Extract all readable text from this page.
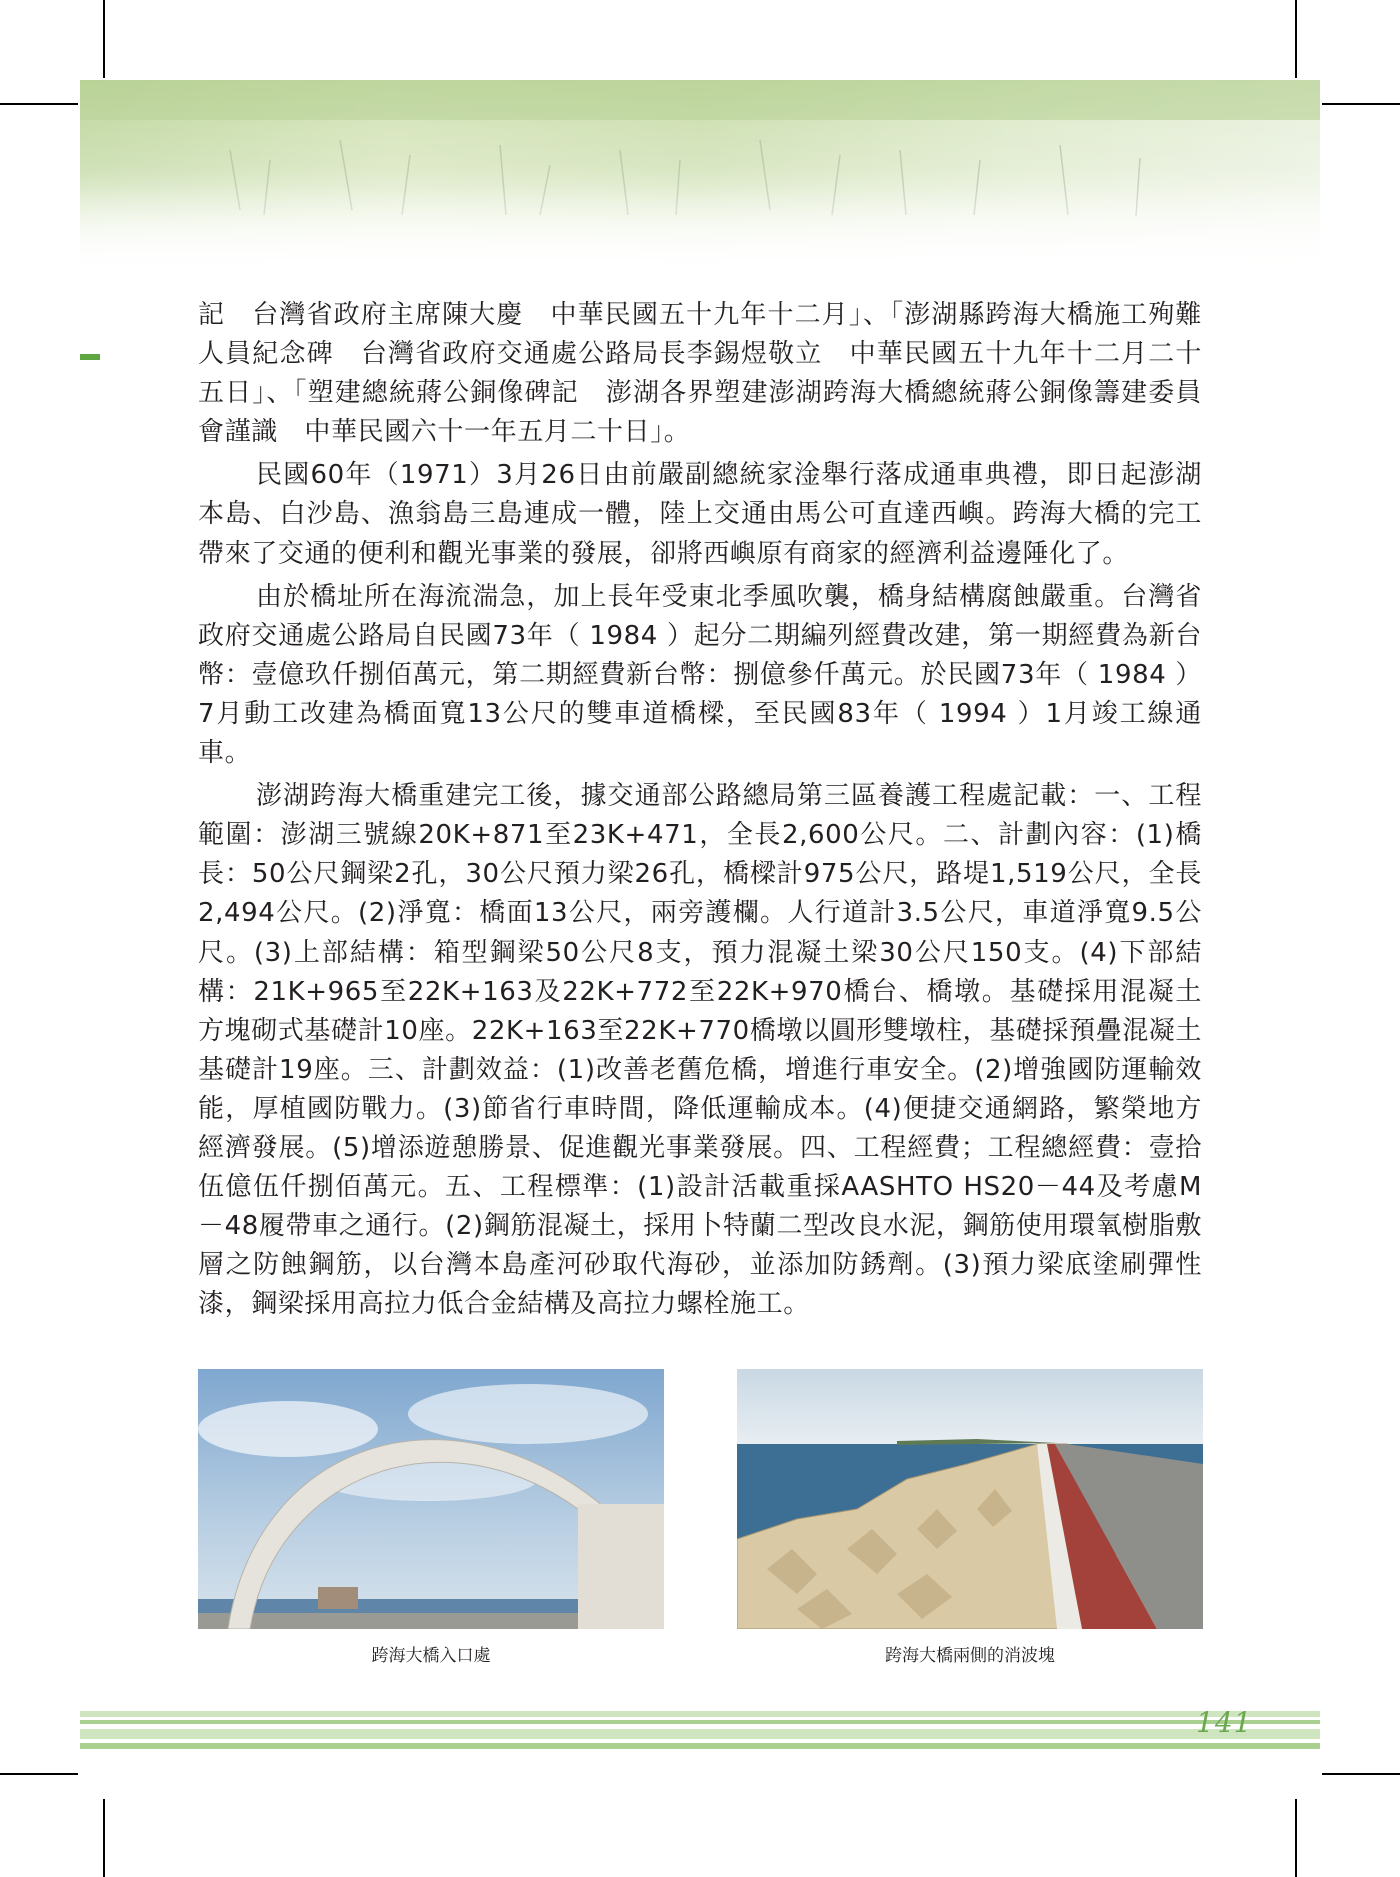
記　台灣省政府主席陳大慶　中華民國五十九年十二月」、「澎湖縣跨海大橋施工殉難人員紀念碑　台灣省政府交通處公路局長李錫煜敬立　中華民國五十九年十二月二十五日」、「塑建總統蔣公銅像碑記　澎湖各界塑建澎湖跨海大橋總統蔣公銅像籌建委員會謹識　中華民國六十一年五月二十日」。

民國60年（1971）3月26日由前嚴副總統家淦舉行落成通車典禮，即日起澎湖本島、白沙島、漁翁島三島連成一體，陸上交通由馬公可直達西嶼。跨海大橋的完工帶來了交通的便利和觀光事業的發展，卻將西嶼原有商家的經濟利益邊陲化了。

由於橋址所在海流湍急，加上長年受東北季風吹襲，橋身結構腐蝕嚴重。台灣省政府交通處公路局自民國73年（ 1984 ）起分二期編列經費改建，第一期經費為新台幣：壹億玖仟捌佰萬元，第二期經費新台幣：捌億參仟萬元。於民國73年（ 1984 ）7月動工改建為橋面寬13公尺的雙車道橋樑，至民國83年（ 1994 ）1月竣工線通車。

澎湖跨海大橋重建完工後，據交通部公路總局第三區養護工程處記載：一、工程範圍：澎湖三號線20K+871至23K+471，全長2,600公尺。二、計劃內容：(1)橋長：50公尺鋼梁2孔，30公尺預力梁26孔，橋樑計975公尺，路堤1,519公尺，全長2,494公尺。(2)淨寬：橋面13公尺，兩旁護欄。人行道計3.5公尺，車道淨寬9.5公尺。(3)上部結構：箱型鋼梁50公尺8支，預力混凝土梁30公尺150支。(4)下部結構：21K+965至22K+163及22K+772至22K+970橋台、橋墩。基礎採用混凝土方塊砌式基礎計10座。22K+163至22K+770橋墩以圓形雙墩柱，基礎採預疊混凝土基礎計19座。三、計劃效益：(1)改善老舊危橋，增進行車安全。(2)增強國防運輸效能，厚植國防戰力。(3)節省行車時間，降低運輸成本。(4)便捷交通網路，繁榮地方經濟發展。(5)增添遊憩勝景、促進觀光事業發展。四、工程經費；工程總經費：壹拾伍億伍仟捌佰萬元。五、工程標準：(1)設計活載重採AASHTO HS20－44及考慮M－48履帶車之通行。(2)鋼筋混凝土，採用卜特蘭二型改良水泥，鋼筋使用環氧樹脂敷層之防蝕鋼筋，以台灣本島產河砂取代海砂，並添加防銹劑。(3)預力梁底塗刷彈性漆，鋼梁採用高拉力低合金結構及高拉力螺栓施工。

跨海大橋入口處	跨海大橋兩側的消波塊
141
